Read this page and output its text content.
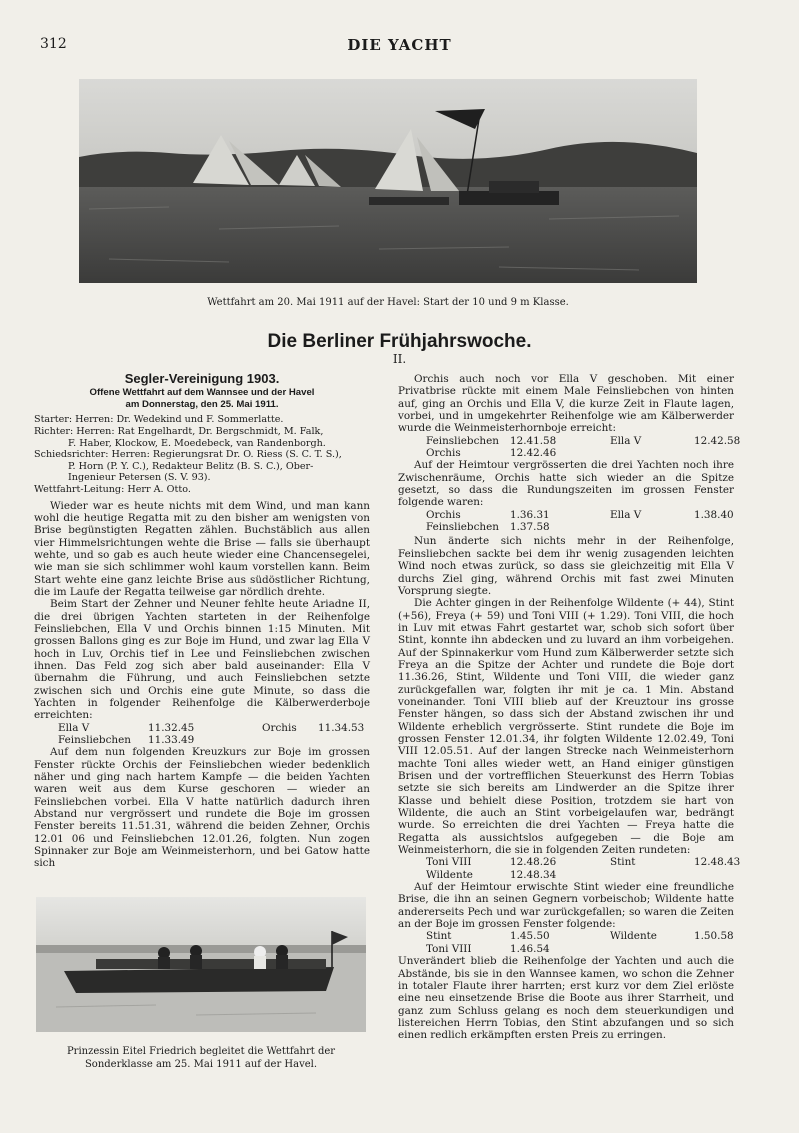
312	DIE YACHT
Wettfahrt am 20. Mai 1911 auf der Havel: Start der 10 und 9 m Klasse.
Die Berliner Frühjahrswoche.
II.

Segler-Vereinigung 1903.

Offene Wettfahrt auf dem Wannsee und der Havel

am Donnerstag, den 25. Mai 1911.

Starter: Herren: Dr. Wedekind und F. Sommerlatte.

Richter: Herren: Rat Engelhardt, Dr. Bergschmidt, M. Falk,

F. Haber, Klockow, E. Moedebeck, van Randenborgh.

Schiedsrichter: Herren: Regierungsrat Dr. O. Riess (S. C. T. S.),

P. Horn (P. Y. C.), Redakteur Belitz (B. S. C.), Ober-

Ingenieur Petersen (S. V. 93).

Wettfahrt-Leitung: Herr A. Otto.

Wieder war es heute nichts mit dem Wind, und man kann wohl die heutige Regatta mit zu den bisher am wenigsten von Brise begünstigten Regatten zählen. Buchstäblich aus allen vier Himmelsrichtungen wehte die Brise — falls sie überhaupt wehte, und so gab es auch heute wieder eine Chancensegelei, wie man sie sich schlimmer wohl kaum vorstellen kann. Beim Start wehte eine ganz leichte Brise aus südöstlicher Richtung, die im Laufe der Regatta teilweise gar nördlich drehte.

Beim Start der Zehner und Neuner fehlte heute Ariadne II, die drei übrigen Yachten starteten in der Reihenfolge Feinsliebchen, Ella V und Orchis binnen 1:15 Minuten. Mit grossen Ballons ging es zur Boje im Hund, und zwar lag Ella V hoch in Luv, Orchis tief in Lee und Feinsliebchen zwischen ihnen. Das Feld zog sich aber bald auseinander: Ella V übernahm die Führung, und auch Feinsliebchen setzte zwischen sich und Orchis eine gute Minute, so dass die Yachten in folgender Reihenfolge die Kälberwerderboje erreichten:

Ella V	11.32.45	Orchis	11.34.53
Feinsliebchen	11.33.49

Auf dem nun folgenden Kreuzkurs zur Boje im grossen Fenster rückte Orchis der Feinsliebchen wieder bedenklich näher und ging nach hartem Kampfe — die beiden Yachten waren weit aus dem Kurse geschoren — wieder an Feinsliebchen vorbei. Ella V hatte natürlich dadurch ihren Abstand nur vergrössert und rundete die Boje im grossen Fenster bereits 11.51.31, während die beiden Zehner, Orchis 12.01 06 und Feinsliebchen 12.01.26, folgten. Nun zogen Spinnaker zur Boje am Weinmeisterhorn, und bei Gatow hatte sich

Prinzessin Eitel Friedrich begleitet die Wettfahrt der Sonderklasse am 25. Mai 1911 auf der Havel.

Orchis auch noch vor Ella V geschoben. Mit einer Privatbrise rückte mit einem Male Feinsliebchen von hinten auf, ging an Orchis und Ella V, die kurze Zeit in Flaute lagen, vorbei, und in umgekehrter Reihenfolge wie am Kälberwerder wurde die Weinmeisterhornboje erreicht:

Feinsliebchen	12.41.58	Ella V	12.42.58
Orchis	12.42.46

Auf der Heimtour vergrösserten die drei Yachten noch ihre Zwischenräume, Orchis hatte sich wieder an die Spitze gesetzt, so dass die Rundungszeiten im grossen Fenster folgende waren:

Orchis	1.36.31	Ella V	1.38.40
Feinsliebchen	1.37.58

Nun änderte sich nichts mehr in der Reihenfolge, Feinsliebchen sackte bei dem ihr wenig zusagenden leichten Wind noch etwas zurück, so dass sie gleichzeitig mit Ella V durchs Ziel ging, während Orchis mit fast zwei Minuten Vorsprung siegte.

Die Achter gingen in der Reihenfolge Wildente (+ 44), Stint (+56), Freya (+ 59) und Toni VIII (+ 1.29). Toni VIII, die hoch in Luv mit etwas Fahrt gestartet war, schob sich sofort über Stint, konnte ihn abdecken und zu luvard an ihm vorbeigehen. Auf der Spinnakerkur vom Hund zum Kälberwerder setzte sich Freya an die Spitze der Achter und rundete die Boje dort 11.36.26, Stint, Wildente und Toni VIII, die wieder ganz zurückgefallen war, folgten ihr mit je ca. 1 Min. Abstand voneinander. Toni VIII blieb auf der Kreuztour ins grosse Fenster hängen, so dass sich der Abstand zwischen ihr und Wildente erheblich vergrösserte. Stint rundete die Boje im grossen Fenster 12.01.34, ihr folgten Wildente 12.02.49, Toni VIII 12.05.51. Auf der langen Strecke nach Weinmeisterhorn machte Toni alles wieder wett, an Hand einiger günstigen Brisen und der vortrefflichen Steuerkunst des Herrn Tobias setzte sie sich bereits am Lindwerder an die Spitze ihrer Klasse und behielt diese Position, trotzdem sie hart von Wildente, die auch an Stint vorbeigelaufen war, bedrängt wurde. So erreichten die drei Yachten — Freya hatte die Regatta als aussichtslos aufgegeben — die Boje am Weinmeisterhorn, die sie in folgenden Zeiten rundeten:

Toni VIII	12.48.26	Stint	12.48.43
Wildente	12.48.34

Auf der Heimtour erwischte Stint wieder eine freundliche Brise, die ihn an seinen Gegnern vorbeischob; Wildente hatte andererseits Pech und war zurückgefallen; so waren die Zeiten an der Boje im grossen Fenster folgende:

Stint	1.45.50	Wildente	1.50.58
Toni VIII	1.46.54

Unverändert blieb die Reihenfolge der Yachten und auch die Abstände, bis sie in den Wannsee kamen, wo schon die Zehner in totaler Flaute ihrer harrten; erst kurz vor dem Ziel erlöste eine neu einsetzende Brise die Boote aus ihrer Starrheit, und ganz zum Schluss gelang es noch dem steuerkundigen und listereichen Herrn Tobias, den Stint abzufangen und so sich einen redlich erkämpften ersten Preis zu erringen.
